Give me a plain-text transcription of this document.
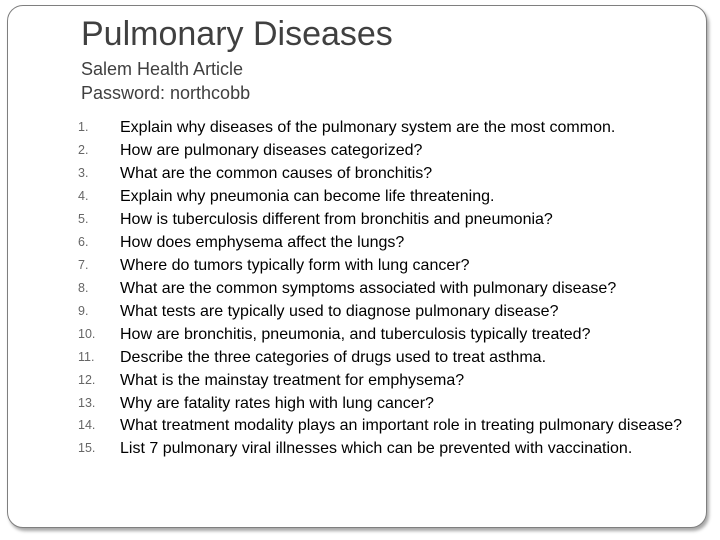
Pulmonary Diseases
Salem Health Article
Password: northcobb
1. Explain why diseases of the pulmonary system are the most common.
2. How are pulmonary diseases categorized?
3. What are the common causes of bronchitis?
4. Explain why pneumonia can become life threatening.
5. How is tuberculosis different from bronchitis and pneumonia?
6. How does emphysema affect the lungs?
7. Where do tumors typically form with lung cancer?
8. What are the common symptoms associated with pulmonary disease?
9. What tests are typically used to diagnose pulmonary disease?
10. How are bronchitis, pneumonia, and tuberculosis typically treated?
11. Describe the three categories of drugs used to treat asthma.
12. What is the mainstay treatment for emphysema?
13. Why are fatality rates high with lung cancer?
14. What treatment modality plays an important role in treating pulmonary disease?
15. List 7 pulmonary viral illnesses which can be prevented with vaccination.
